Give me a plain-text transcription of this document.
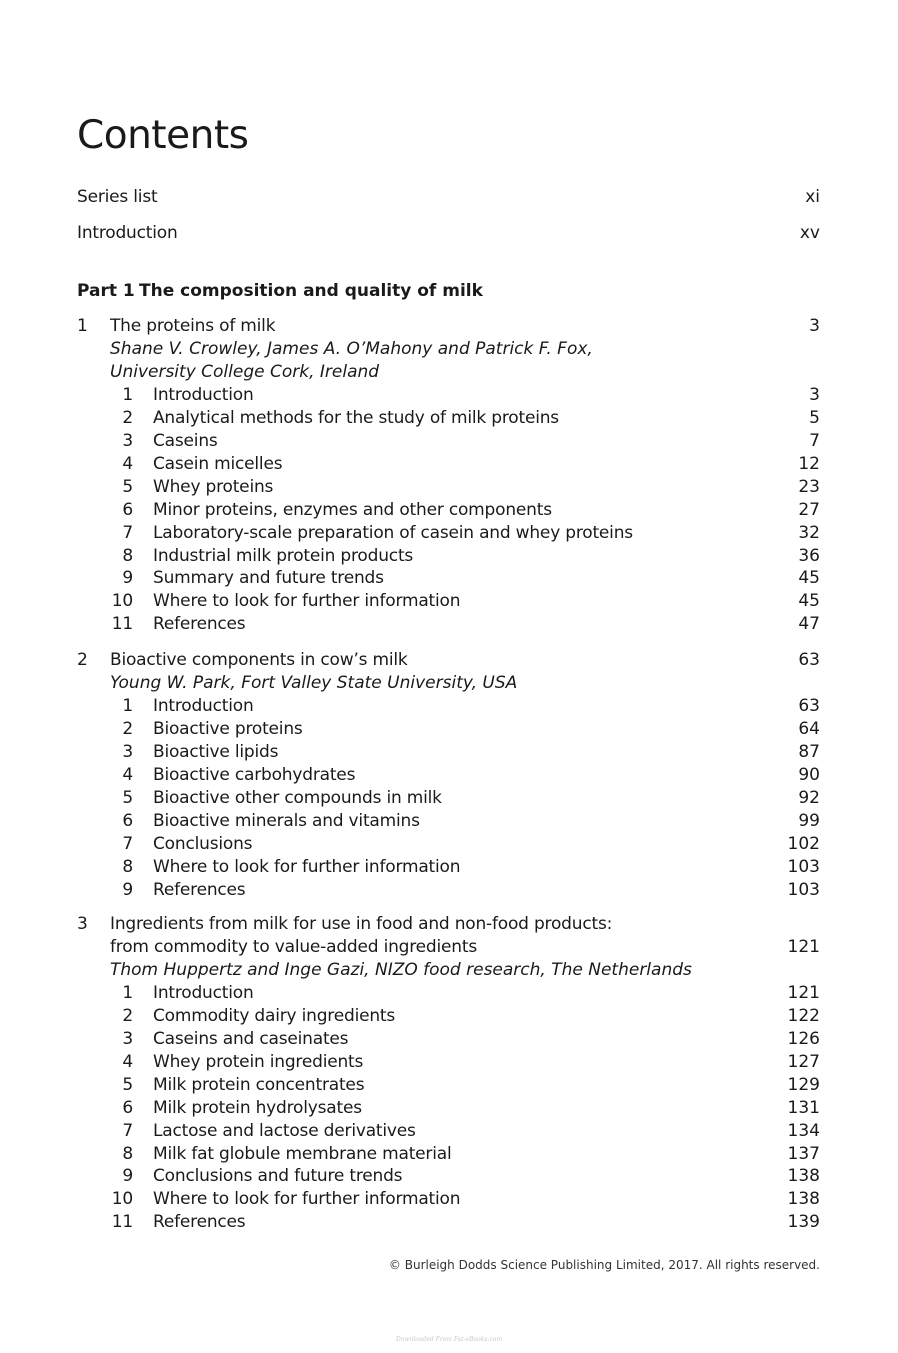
Contents
Series list	xi
Introduction	xv
Part 1 The composition and quality of milk
1 The proteins of milk	3
Shane V. Crowley, James A. O’Mahony and Patrick F. Fox,
University College Cork, Ireland
1 Introduction	3
2 Analytical methods for the study of milk proteins	5
3 Caseins	7
4 Casein micelles	12
5 Whey proteins	23
6 Minor proteins, enzymes and other components	27
7 Laboratory-scale preparation of casein and whey proteins	32
8 Industrial milk protein products	36
9 Summary and future trends	45
10 Where to look for further information	45
11 References	47
2 Bioactive components in cow’s milk	63
Young W. Park, Fort Valley State University, USA
1 Introduction	63
2 Bioactive proteins	64
3 Bioactive lipids	87
4 Bioactive carbohydrates	90
5 Bioactive other compounds in milk	92
6 Bioactive minerals and vitamins	99
7 Conclusions	102
8 Where to look for further information	103
9 References	103
3 Ingredients from milk for use in food and non-food products:
from commodity to value-added ingredients	121
Thom Huppertz and Inge Gazi, NIZO food research, The Netherlands
1 Introduction	121
2 Commodity dairy ingredients	122
3 Caseins and caseinates	126
4 Whey protein ingredients	127
5 Milk protein concentrates	129
6 Milk protein hydrolysates	131
7 Lactose and lactose derivatives	134
8 Milk fat globule membrane material	137
9 Conclusions and future trends	138
10 Where to look for further information	138
11 References	139
© Burleigh Dodds Science Publishing Limited, 2017. All rights reserved.
Downloaded From Fst-eBooks.com
